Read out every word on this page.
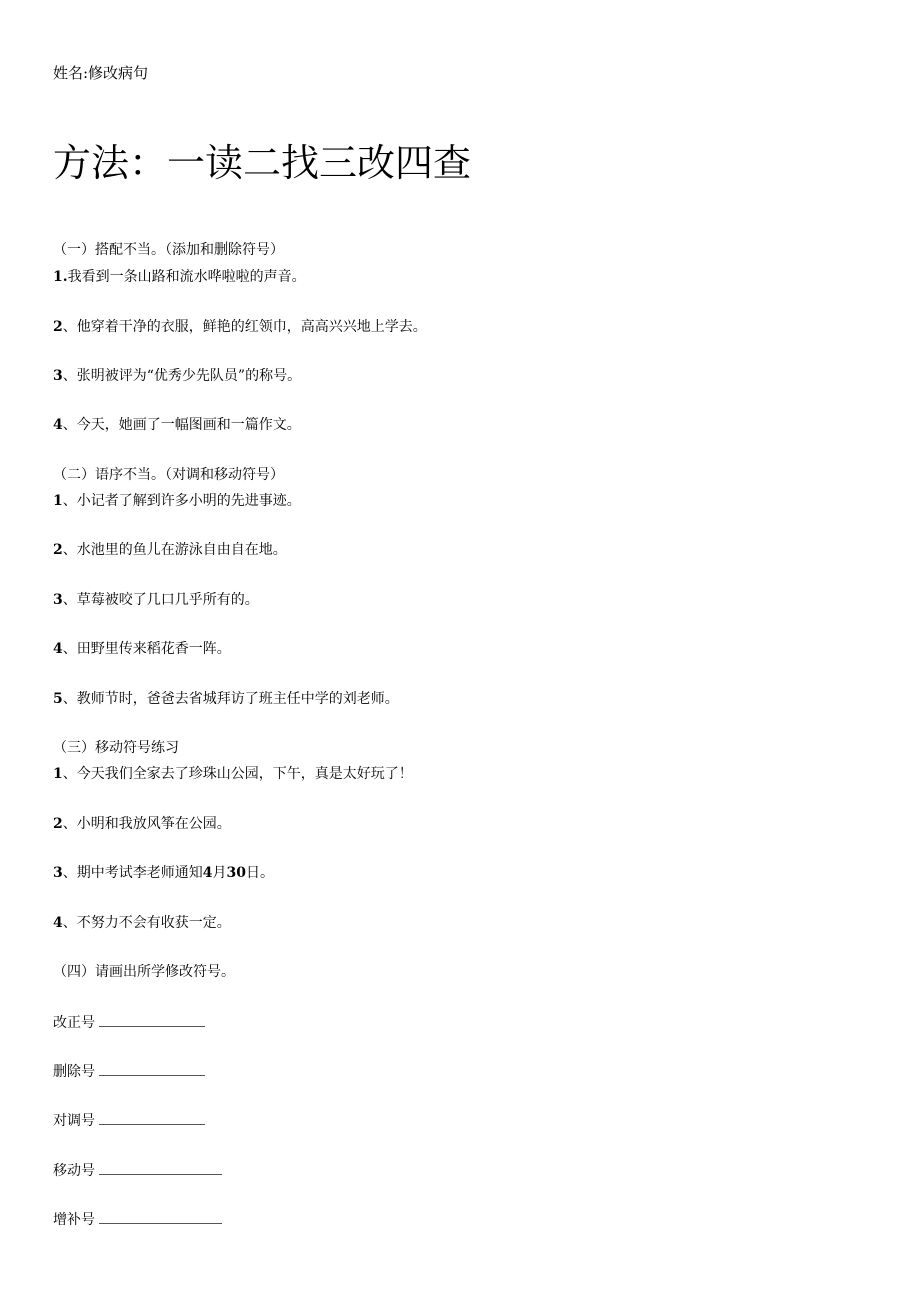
姓名:修改病句
方法：一读二找三改四查
（一）搭配不当。（添加和删除符号）
1.我看到一条山路和流水哗啦啦的声音。
2、他穿着干净的衣服，鲜艳的红领巾，高高兴兴地上学去。
3、张明被评为“优秀少先队员”的称号。
4、今天，她画了一幅图画和一篇作文。
（二）语序不当。（对调和移动符号）
1、小记者了解到许多小明的先进事迹。
2、水池里的鱼儿在游泳自由自在地。
3、草莓被咬了几口几乎所有的。
4、田野里传来稻花香一阵。
5、教师节时，爸爸去省城拜访了班主任中学的刘老师。
（三）移动符号练习
1、今天我们全家去了珍珠山公园，下午，真是太好玩了！
2、小明和我放风筝在公园。
3、期中考试李老师通知4月30日。
4、不努力不会有收获一定。
（四）请画出所学修改符号。
改正号
删除号
对调号
移动号
增补号
